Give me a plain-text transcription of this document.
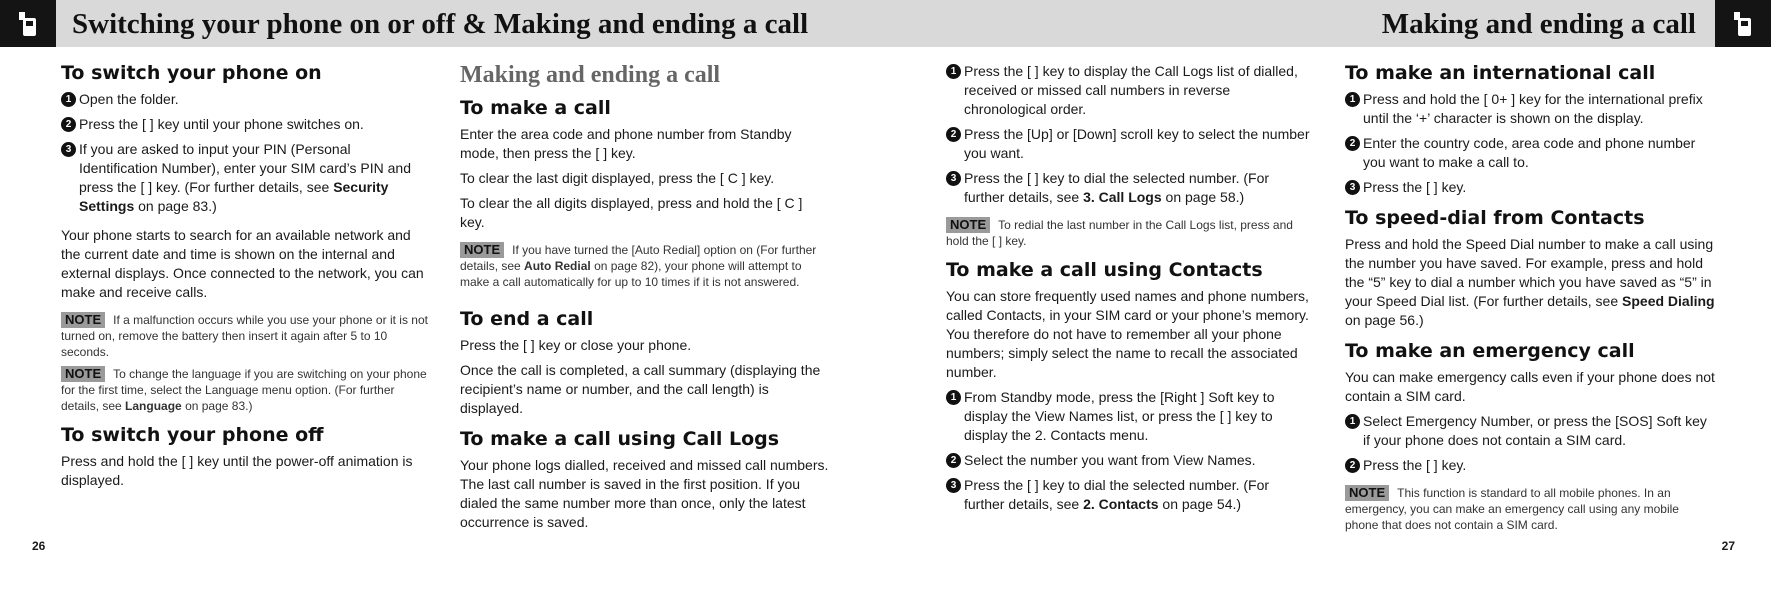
Switching your phone on or off & Making and ending a call	Making and ending a call
To switch your phone on
1 Open the folder.
2 Press the [ ] key until your phone switches on.
3 If you are asked to input your PIN (Personal Identification Number), enter your SIM card’s PIN and press the [ ] key. (For further details, see Security Settings on page 83.)

Your phone starts to search for an available network and the current date and time is shown on the internal and external displays. Once connected to the network, you can make and receive calls.

NOTE If a malfunction occurs while you use your phone or it is not turned on, remove the battery then insert it again after 5 to 10 seconds.
NOTE To change the language if you are switching on your phone for the first time, select the Language menu option. (For further details, see Language on page 83.)
To switch your phone off

Press and hold the [ ] key until the power-off animation is displayed.

Making and ending a call
To make a call

Enter the area code and phone number from Standby mode, then press the [ ] key.

To clear the last digit displayed, press the [ C ] key.

To clear the all digits displayed, press and hold the [ C ] key.

NOTE If you have turned the [Auto Redial] option on (For further details, see Auto Redial on page 82), your phone will attempt to make a call automatically for up to 10 times if it is not answered.
To end a call

Press the [ ] key or close your phone.

Once the call is completed, a call summary (displaying the recipient’s name or number, and the call length) is displayed.

To make a call using Call Logs

Your phone logs dialled, received and missed call numbers. The last call number is saved in the first position. If you dialed the same number more than once, only the latest occurrence is saved.

1 Press the [ ] key to display the Call Logs list of dialled, received or missed call numbers in reverse chronological order.
2 Press the [Up] or [Down] scroll key to select the number you want.
3 Press the [ ] key to dial the selected number. (For further details, see 3. Call Logs on page 58.)
NOTE To redial the last number in the Call Logs list, press and hold the [ ] key.
To make a call using Contacts

You can store frequently used names and phone numbers, called Contacts, in your SIM card or your phone’s memory. You therefore do not have to remember all your phone numbers; simply select the name to recall the associated number.

1 From Standby mode, press the [Right ] Soft key to display the View Names list, or press the [ ] key to display the 2. Contacts menu.
2 Select the number you want from View Names.
3 Press the [ ] key to dial the selected number. (For further details, see 2. Contacts on page 54.)
To make an international call
1 Press and hold the [ 0+ ] key for the international prefix until the ‘+’ character is shown on the display.
2 Enter the country code, area code and phone number you want to make a call to.
3 Press the [ ] key.
To speed-dial from Contacts

Press and hold the Speed Dial number to make a call using the number you have saved. For example, press and hold the “5” key to dial a number which you have saved as “5” in your Speed Dial list. (For further details, see Speed Dialing on page 56.)

To make an emergency call

You can make emergency calls even if your phone does not contain a SIM card.

1 Select Emergency Number, or press the [SOS] Soft key if your phone does not contain a SIM card.
2 Press the [ ] key.
NOTE This function is standard to all mobile phones. In an emergency, you can make an emergency call using any mobile phone that does not contain a SIM card.
26	27
